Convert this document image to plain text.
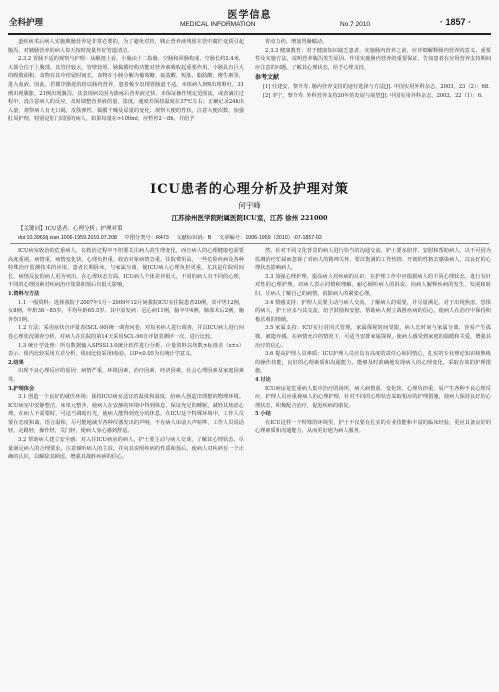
医学信息
全科护理	MEDICAL INFORMATION	No.7 2010	· 1857 ·

道疾病术后病人实施胰肠营养是非常必要的，为了避免对管，胰止营养液残留在管中腐烂变质引起腹泻，对胰肠营养的病人每天按时按量作好管道清洁。

2.3.2 胃肠不适的观察与护理：从解剖上看，小肠由十二指肠、空肠和回肠构成，空肠长约2.4米，大部分位于上腹部。其管径较大，管壁较厚，肠黏膜结构功能对营养素吸收起重要作用。小肠具有巨大的吸收面积，食物在其中停留时间长，食物在小肠分解为葡萄糖、氨基酸、短肽、脂肪酸、维生素等，进入血液。因此，若循序渐进的给以肠内营养，患者极少出现胃肠道不适。本组病人9例出现呕吐，31例出现腹胀，21例出现腹泻。其表现病员因为溃疡后营养液过快、未保证操作规定范围流，或者滴注过程中，没注意病人的反应，及时调整营养液的量、浓度，速度并保持温度在37℃左右；正确记录24h出入量，观察病人有无口渴，皮肤弹性、黏膜干燥及尿量的变化；观察大便的性状，注意大便次数，加强肛周护理，特别是肛门周围的病人，如果每量在>100ml，应暂停2～8h，并给予

胃动力药，增加胃肠蠕动。

2.3.3 健康教育：对于健康知识缺乏患者，实施肠内营养之前，应详细解释肠内营养的意义、重要性及实施方法，说明营养腹泻发生原因、作用实施肠内营养的重要保证。告知患者在应用营养支持期间应注意的问题，了解其心理状态，给予心理支持。

参考文献

[1] 任建安，黎介寿. 肠内营养支持的途径选择与方法[J]. 中国实用外科杂志，2003，23（2）：68.

[2] 李宁，黎介寿. 外科营养支持20年的发展与展望[J]. 中国实用外科杂志，2002，22（1）：6.

ICU患者的心理分析及护理对策
何宇峰
江苏徐州医学院附属医院ICU室，江苏 徐州 221000
【关键词】ICU患者；心理分析；护理对策
doi:10.3969/j.issn.1006-1959.2010.07.208 中图分类号：R473 文献标识码：B 文章编号：1006-1959（2010）-07-1857-02

ICU病室收治的危重病人，在救治过程中不但要关注病人的生理变化，而且病人的心理健康也需要高度重视。病情重，病情变化快，心理负担重。收治对象病情急重，住院费用高，一些危险疾病及各种特殊治疗监测技术的应用，患者长期卧床，与家属分离，使ICU病人心理负担更重，尤其是住院时间长、病情反复的病人更为突出。在心理状态方面，ICU病人个体差异很大，不同的病人有不同的心理，不同的心理因素对疾病治疗效果和预后有很大影响。

1.资料与方法

1.1 一般资料：选择我院于2007年1月～2009年12月间我院ICU室住院患者20例，其中男12例，女8例，年龄38～85岁，平均年龄65.5岁。其中原发病：冠心病11例，脑卒中4例，肺部术后2例，胸外伤1例。

1.2 方法：采用症状自评量表(SCL-90)统一调查问卷，对每名病人进行调查，并以ICU病人进行问卷心理状况调查分析，对病人在住院的第14天采用SCL-90自评量表测评一次，进行比较。

1.3 统计学处理：所有数据输入SPSS13.0统计软件进行分析，计量资料以均数±标准差（x±s）表示，组内比较采用方差分析，组间比较采用t检验，以P<0.05为有统计学意义。

2.结果

出现不良心理反应的原因：病情严重，环境因素，治疗因素，经济因素，社会心理因素及家庭因素等。

3.护理体会

3.1 创造一个良好的就医环境：保持ICU病室适宜的温度和湿度，给病人创造出理想的物理环境。ICU病室中安静整洁，床单元整齐，使病人在安静的环境中得到休息，保证充足的睡眠，减轻其焦虑心理，在病人不需要时，可适当调暗灯光，使病人能得到充分的休息。在ICU这个特殊环境中，工作人员要在态度和蔼、语言温和，尽可能地减少各种仪器发出的声响，不在病人床前大声喧哗，工作人员说话轻，走路轻，操作轻，关门轻，使病人身心感到舒适。

3.2 帮助病人建立安全感：对入住ICU病房的病人，护士要主动与病人交谈，了解其心理状态，尽量满足病人的合理要求，注意倾听病人的主诉，并向其说明疾病的性质和预后，使病人对疾病有一个正确的认识，以解除其顾虑，增强其战胜疾病的信心。

然，针对不同文化背景的病人进行恰当的沟通交流。护士要多陪伴、安慰和帮助病人，以不可因为监测治疗忙碌而忽视了对病人的精神关怀。要以饱满的工作热情、开朗的性格去感染病人，以良好的心理状态影响病人。

3.3 加强心理护理，提高病人对疾病的认识：在护理工作中应根据病人的不同心理状态，进行有针对性的心理护理。对病人表示同情和理解，耐心倾听病人的诉说，向病人解释疾病的发生、发展和转归，让病人了解自己的病情，消除病人的紧张心理。

3.4 情感支持：护理人员要主动与病人交流，了解病人的需要，并尽量满足。对于出现焦虑、恐惧的病人，护士应多与其交流，给予鼓励和安慰，帮助病人树立战胜疾病的信心，使病人在治疗中保持积极乐观的情绪。

3.5 家属支持：ICU实行封闭式管理，家属探视时间受限，病人长时间与家属分离，容易产生孤独、被遗弃感。在病情允许的情况下，可适当安排家属探视，使病人感受到家庭的温暖和关爱，增强其治疗的信心。

3.6 提高护理人员素质：ICU护理人员应具有高度的责任心和同情心，扎实的专业理论知识和熟练的操作技能，良好的心理素质和沟通能力，能够及时准确地发现病人的心理变化，采取有效的护理措施。

4 讨论

ICU病房是危重病人集中治疗的场所，病人病情重、变化快，心理负担重，易产生各种不良心理反应。护理人员应重视病人的心理护理，针对不同的心理状态采取相应的护理措施，使病人保持良好的心理状态，积极配合治疗，促进疾病的康复。

5 小结

在ICU这样一个特殊的环境里，护士不仅要有扎实的专业技能和丰富的临床经验，更应具备良好的心理素质和沟通能力，从而更好地为病人服务。
